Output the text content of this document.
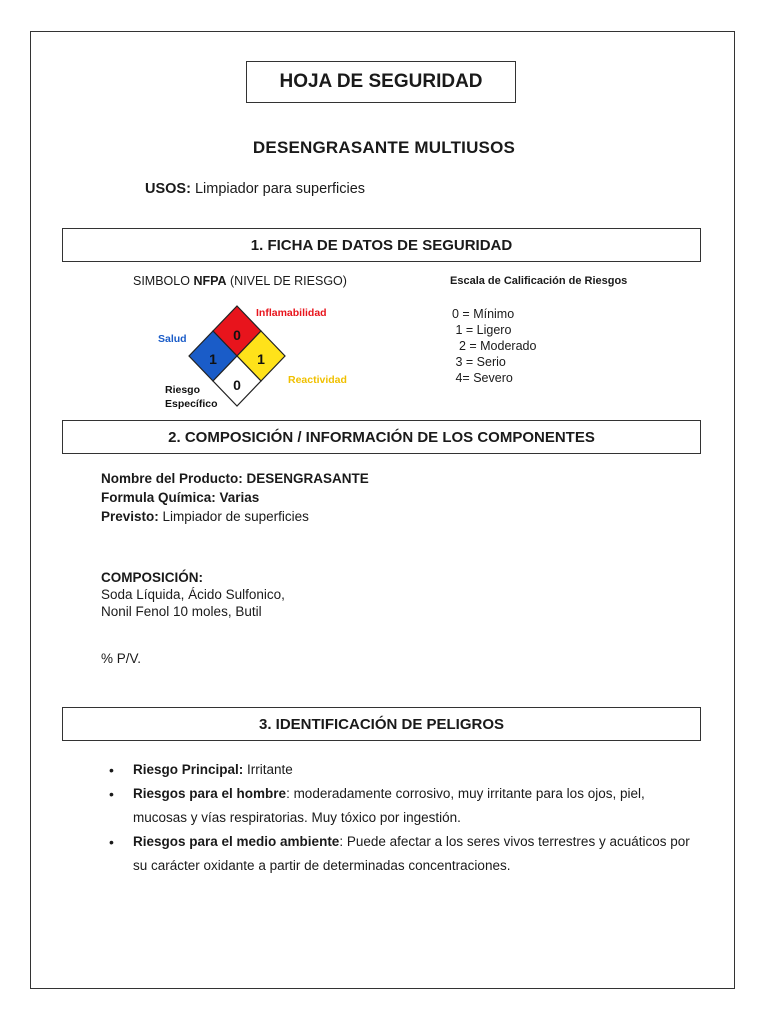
HOJA DE SEGURIDAD
DESENGRASANTE MULTIUSOS
USOS: Limpiador para superficies
1. FICHA DE DATOS DE SEGURIDAD
SIMBOLO NFPA (NIVEL DE RIESGO)
0
1	1
0
Inflamabilidad
Salud
Reactividad
Riesgo
Específico
Escala de Calificación de Riesgos
0 = Mínimo
1 = Ligero
2 = Moderado
3 = Serio
4= Severo
2. COMPOSICIÓN / INFORMACIÓN DE LOS COMPONENTES
Nombre del Producto: DESENGRASANTE
Formula Química: Varias
Previsto: Limpiador de superficies
COMPOSICIÓN:
Soda Líquida, Ácido Sulfonico,
Nonil Fenol 10 moles, Butil
% P/V.
3. IDENTIFICACIÓN DE PELIGROS
• Riesgo Principal: Irritante
• Riesgos para el hombre: moderadamente corrosivo, muy irritante para los ojos, piel, mucosas y vías respiratorias. Muy tóxico por ingestión.
• Riesgos para el medio ambiente: Puede afectar a los seres vivos terrestres y acuáticos por su carácter oxidante a partir de determinadas concentraciones.
